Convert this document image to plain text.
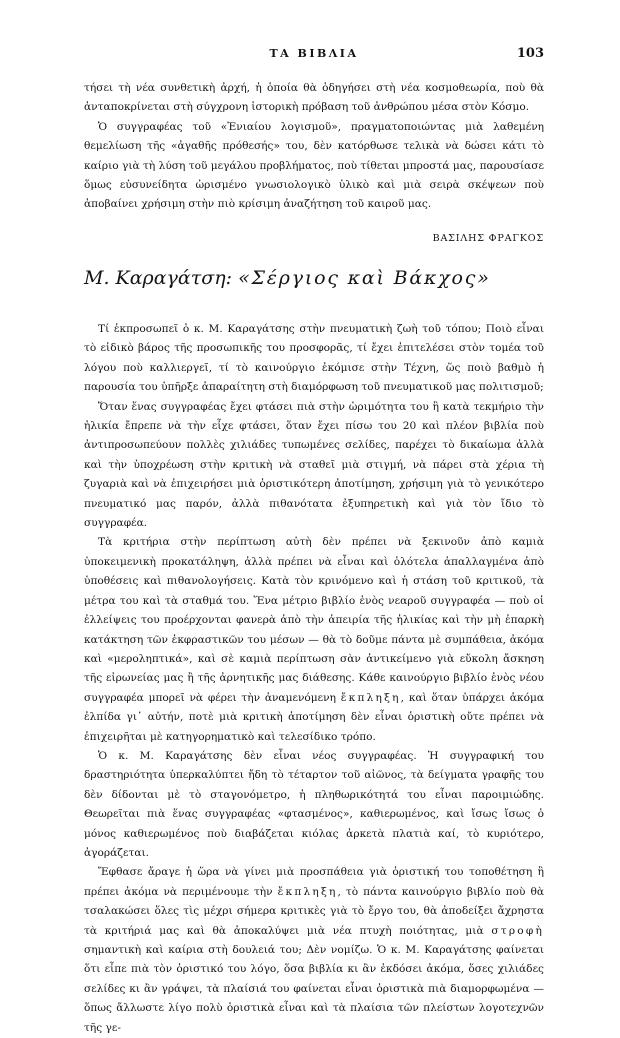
ΤΑ ΒΙΒΛΙΑ	103

τήσει τὴ νέα συνθετικὴ ἀρχή, ἡ ὁποία θὰ ὁδηγήσει στὴ νέα κοσμοθεωρία, ποὺ θὰ ἀνταποκρίνεται στὴ σύγχρονη ἱστορικὴ πρόβαση τοῦ ἀνθρώπου μέσα στὸν Κόσμο.

Ὁ συγγραφέας τοῦ «Ἐνιαίου λογισμοῦ», πραγματοποιώντας μιὰ λαθεμένη θεμελίωση τῆς «ἀγαθῆς πρόθεσής» του, δὲν κατόρθωσε τελικὰ νὰ δώσει κάτι τὸ καίριο γιὰ τὴ λύση τοῦ μεγάλου προβλήματος, ποὺ τίθεται μπροστά μας, παρουσίασε ὅμως εὐσυνείδητα ὡρισμένο γνωσιολογικὸ ὑλικὸ καὶ μιὰ σειρὰ σκέψεων ποὺ ἀποβαίνει χρήσιμη στὴν πιὸ κρίσιμη ἀναζήτηση τοῦ καιροῦ μας.

ΒΑΣΙΛΗΣ ΦΡΑΓΚΟΣ
Μ. Καραγάτση: «Σέργιος καὶ Βάκχος»

Τί ἐκπροσωπεῖ ὁ κ. Μ. Καραγάτσης στὴν πνευματικὴ ζωὴ τοῦ τόπου; Ποιὸ εἶναι τὸ εἰδικὸ βάρος τῆς προσωπικῆς του προσφορᾶς, τί ἔχει ἐπιτελέσει στὸν τομέα τοῦ λόγου ποὺ καλλιεργεῖ, τί τὸ καινούργιο ἐκόμισε στὴν Τέχνη, ὥς ποιὸ βαθμὸ ἡ παρουσία του ὑπῆρξε ἀπαραίτητη στὴ διαμόρφωση τοῦ πνευματικοῦ μας πολιτισμοῦ;

Ὅταν ἕνας συγγραφέας ἔχει φτάσει πιὰ στὴν ὡριμότητα του ἢ κατὰ τεκμήριο τὴν ἡλικία ἔπρεπε νὰ τὴν εἶχε φτάσει, ὅταν ἔχει πίσω του 20 καὶ πλέον βιβλία ποὺ ἀντιπροσωπεύουν πολλὲς χιλιάδες τυπωμένες σελίδες, παρέχει τὸ δικαίωμα ἀλλὰ καὶ τὴν ὑποχρέωση στὴν κριτικὴ νὰ σταθεῖ μιὰ στιγμή, νὰ πάρει στὰ χέρια τὴ ζυγαριὰ καὶ νὰ ἐπιχειρήσει μιὰ ὁριστικότερη ἀποτίμηση, χρήσιμη γιὰ τὸ γενικότερο πνευματικό μας παρόν, ἀλλὰ πιθανότατα ἐξυπηρετικὴ καὶ γιὰ τὸν ἴδιο τὸ συγγραφέα.

Τὰ κριτήρια στὴν περίπτωση αὐτὴ δὲν πρέπει νὰ ξεκινοῦν ἀπὸ καμιὰ ὑποκειμενικὴ προκατάληψη, ἀλλὰ πρέπει νὰ εἶναι καὶ ὁλότελα ἀπαλλαγμένα ἀπὸ ὑποθέσεις καὶ πιθανολογήσεις. Κατὰ τὸν κρινόμενο καὶ ἡ στάση τοῦ κριτικοῦ, τὰ μέτρα του καὶ τὰ σταθμά του. Ἕνα μέτριο βιβλίο ἑνὸς νεαροῦ συγγραφέα — ποὺ οἱ ἐλλείψεις του προέρχονται φανερὰ ἀπὸ τὴν ἀπειρία τῆς ἡλικίας καὶ τὴν μὴ ἐπαρκὴ κατάκτηση τῶν ἐκφραστικῶν του μέσων — θὰ τὸ δοῦμε πάντα μὲ συμπάθεια, ἀκόμα καὶ «μεροληπτικά», καὶ σὲ καμιὰ περίπτωση σὰν ἀντικείμενο γιὰ εὔκολη ἄσκηση τῆς εἰρωνείας μας ἢ τῆς ἀρνητικῆς μας διάθεσης. Κάθε καινούργιο βιβλίο ἑνὸς νέου συγγραφέα μπορεῖ νὰ φέρει τὴν ἀναμενόμενη ἔκπληξη, καὶ ὅταν ὑπάρχει ἀκόμα ἐλπίδα γι᾿ αὐτήν, ποτὲ μιὰ κριτικὴ ἀποτίμηση δὲν εἶναι ὁριστικὴ οὔτε πρέπει νὰ ἐπιχειρῆται μὲ κατηγορηματικὸ καὶ τελεσίδικο τρόπο.

Ὁ κ. Μ. Καραγάτσης δὲν εἶναι νέος συγγραφέας. Ἡ συγγραφική του δραστηριότητα ὑπερκαλύπτει ἤδη τὸ τέταρτον τοῦ αἰῶνος, τὰ δείγματα γραφῆς του δὲν δίδονται μὲ τὸ σταγονόμετρο, ἡ πληθωρικότητά του εἶναι παροιμιώδης. Θεωρεῖται πιὰ ἕνας συγγραφέας «φτασμένος», καθιερωμένος, καὶ ἴσως ἴσως ὁ μόνος καθιερωμένος ποὺ διαβάζεται κιόλας ἀρκετὰ πλατιὰ καί, τὸ κυριότερο, ἀγοράζεται.

Ἔφθασε ἄραγε ἡ ὥρα νὰ γίνει μιὰ προσπάθεια γιὰ ὁριστική του τοποθέτηση ἢ πρέπει ἀκόμα νὰ περιμένουμε τὴν ἔκπληξη, τὸ πάντα καινούργιο βιβλίο ποὺ θὰ τσαλακώσει ὅλες τὶς μέχρι σήμερα κριτικὲς γιὰ τὸ ἔργο του, θὰ ἀποδείξει ἄχρηστα τὰ κριτήριά μας καὶ θὰ ἀποκαλύψει μιὰ νέα πτυχὴ ποιότητας, μιὰ στροφὴ σημαντικὴ καὶ καίρια στὴ δουλειά του; Δὲν νομίζω. Ὁ κ. Μ. Καραγάτσης φαίνεται ὅτι εἶπε πιὰ τὸν ὁριστικό του λόγο, ὅσα βιβλία κι ἂν ἐκδόσει ἀκόμα, ὅσες χιλιάδες σελίδες κι ἂν γράψει, τὰ πλαίσιά του φαίνεται εἶναι ὁριστικὰ πιὰ διαμορφωμένα — ὅπως ἄλλωστε λίγο πολὺ ὁριστικὰ εἶναι καὶ τὰ πλαίσια τῶν πλείστων λογοτεχνῶν τῆς γε-
